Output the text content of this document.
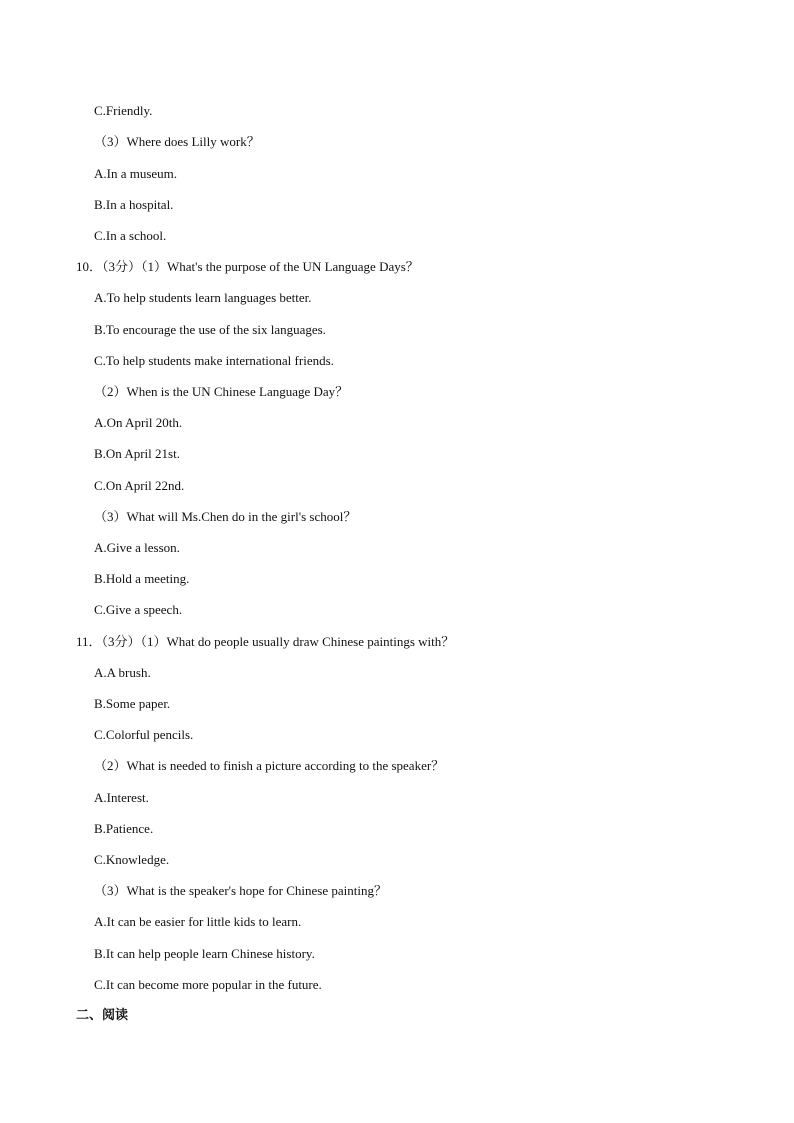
C.Friendly.
（3）Where does Lilly work？
A.In a museum.
B.In a hospital.
C.In a school.
10．（3分）（1）What's the purpose of the UN Language Days？
A.To help students learn languages better.
B.To encourage the use of the six languages.
C.To help students make international friends.
（2）When is the UN Chinese Language Day？
A.On April 20th.
B.On April 21st.
C.On April 22nd.
（3）What will Ms.Chen do in the girl's school？
A.Give a lesson.
B.Hold a meeting.
C.Give a speech.
11．（3分）（1）What do people usually draw Chinese paintings with？
A.A brush.
B.Some paper.
C.Colorful pencils.
（2）What is needed to finish a picture according to the speaker？
A.Interest.
B.Patience.
C.Knowledge.
（3）What is the speaker's hope for Chinese painting？
A.It can be easier for little kids to learn.
B.It can help people learn Chinese history.
C.It can become more popular in the future.
二、阅读
